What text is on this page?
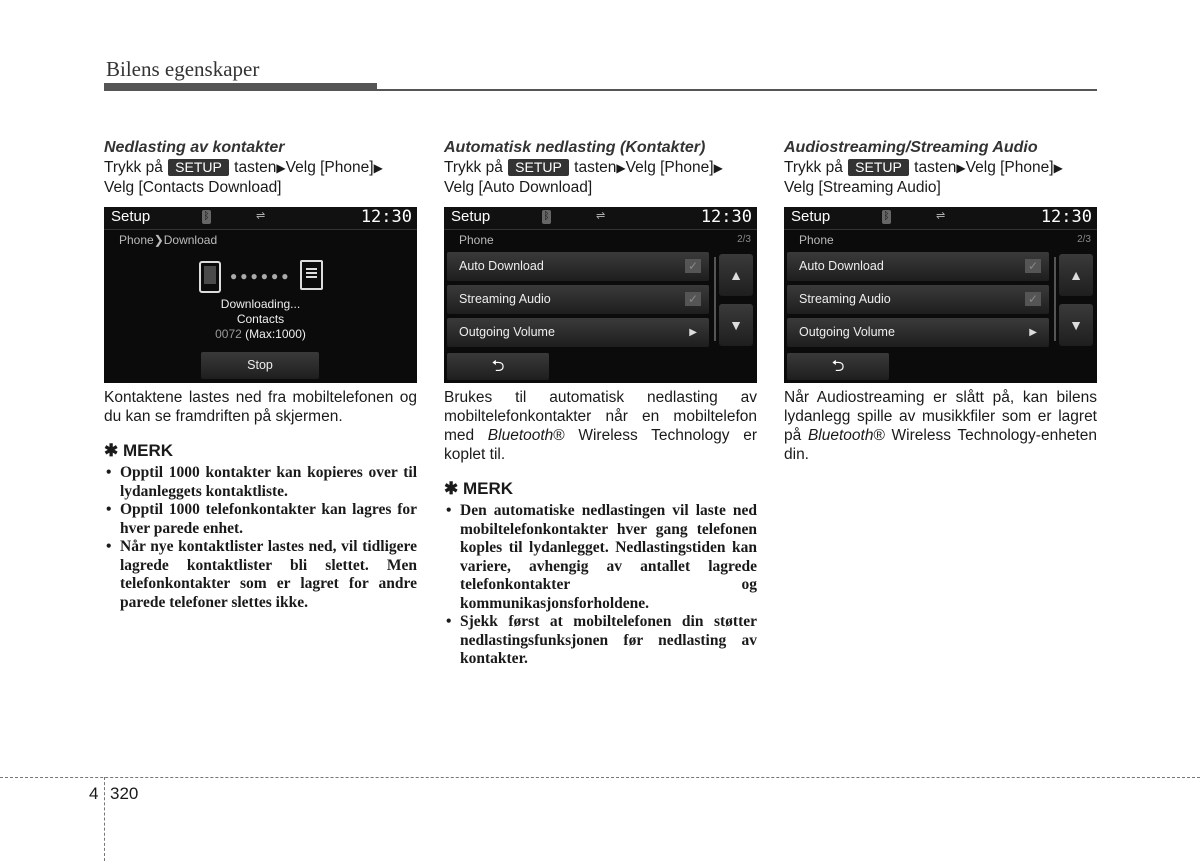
Bilens egenskaper
Nedlasting av kontakter
Trykk på SETUP tasten▶Velg [Phone]▶
Velg [Contacts Download]
Setup	ᛒ	⇌	12:30
Phone❯Download
●●●●●●
Downloading...
Contacts
0072 (Max:1000)
Stop
Kontaktene lastes ned fra mobiltelefonen og du kan se framdriften på skjermen.
✱ MERK
• Opptil 1000 kontakter kan kopieres over til lydanleggets kontaktliste.
• Opptil 1000 telefonkontakter kan lagres for hver parede enhet.
• Når nye kontaktlister lastes ned, vil tidligere lagrede kontaktlister bli slettet. Men telefonkontakter som er lagret for andre parede telefoner slettes ikke.
Automatisk nedlasting (Kontakter)
Trykk på SETUP tasten▶Velg [Phone]▶
Velg [Auto Download]
Setup	ᛒ	⇌	12:30
Phone	2/3
Auto Download	✓
Streaming Audio	✓
Outgoing Volume	▶
▲
▼
⮌
Brukes til automatisk nedlasting av mobiltelefonkontakter når en mobiltelefon med Bluetooth® Wireless Technology er koplet til.
✱ MERK
• Den automatiske nedlastingen vil laste ned mobiltelefonkontakter hver gang telefonen koples til lydanlegget. Nedlastingstiden kan variere, avhengig av antallet lagrede telefonkontakter og kommunikasjonsforholdene.
• Sjekk først at mobiltelefonen din støtter nedlastingsfunksjonen før nedlasting av kontakter.
Audiostreaming/Streaming Audio
Trykk på SETUP tasten▶Velg [Phone]▶
Velg [Streaming Audio]
Setup	ᛒ	⇌	12:30
Phone	2/3
Auto Download	✓
Streaming Audio	✓
Outgoing Volume	▶
▲
▼
⮌
Når Audiostreaming er slått på, kan bilens lydanlegg spille av musikkfiler som er lagret på Bluetooth® Wireless Technology-enheten din.
4 320
